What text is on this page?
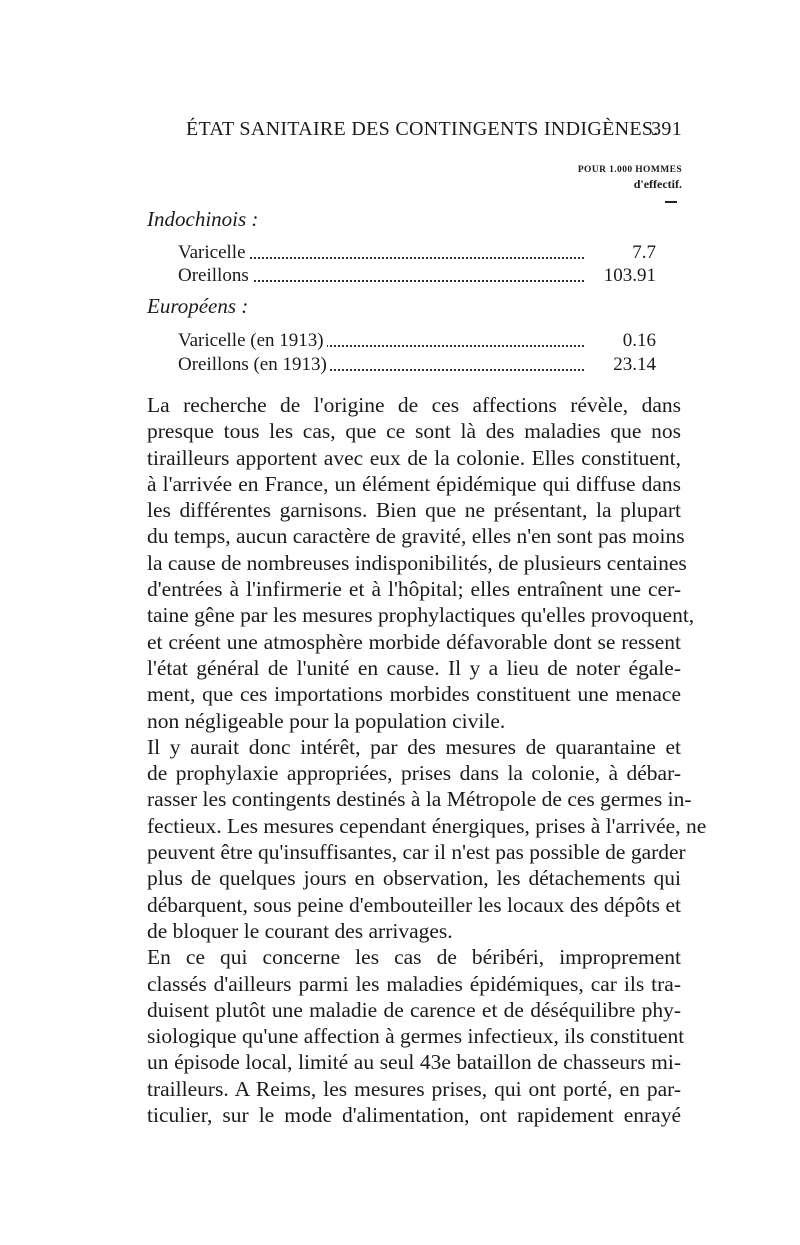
ÉTAT SANITAIRE DES CONTINGENTS INDIGÈNES.
391
POUR 1.000 HOMMES
d'effectif.
Indochinois :
Varicelle	7.7
Oreillons	103.91
Européens :
Varicelle (en 1913)	0.16
Oreillons (en 1913)	23.14

La recherche de l'origine de ces affections révèle, dans
presque tous les cas, que ce sont là des maladies que nos
tirailleurs apportent avec eux de la colonie. Elles constituent,
à l'arrivée en France, un élément épidémique qui diffuse dans
les différentes garnisons. Bien que ne présentant, la plupart
du temps, aucun caractère de gravité, elles n'en sont pas moins
la cause de nombreuses indisponibilités, de plusieurs centaines
d'entrées à l'infirmerie et à l'hôpital; elles entraînent une cer-
taine gêne par les mesures prophylactiques qu'elles provoquent,
et créent une atmosphère morbide défavorable dont se ressent
l'état général de l'unité en cause. Il y a lieu de noter égale-
ment, que ces importations morbides constituent une menace
non négligeable pour la population civile.

Il y aurait donc intérêt, par des mesures de quarantaine et
de prophylaxie appropriées, prises dans la colonie, à débar-
rasser les contingents destinés à la Métropole de ces germes in-
fectieux. Les mesures cependant énergiques, prises à l'arrivée, ne
peuvent être qu'insuffisantes, car il n'est pas possible de garder
plus de quelques jours en observation, les détachements qui
débarquent, sous peine d'embouteiller les locaux des dépôts et
de bloquer le courant des arrivages.

En ce qui concerne les cas de béribéri, improprement
classés d'ailleurs parmi les maladies épidémiques, car ils tra-
duisent plutôt une maladie de carence et de déséquilibre phy-
siologique qu'une affection à germes infectieux, ils constituent
un épisode local, limité au seul 43e bataillon de chasseurs mi-
trailleurs. A Reims, les mesures prises, qui ont porté, en par-
ticulier, sur le mode d'alimentation, ont rapidement enrayé
